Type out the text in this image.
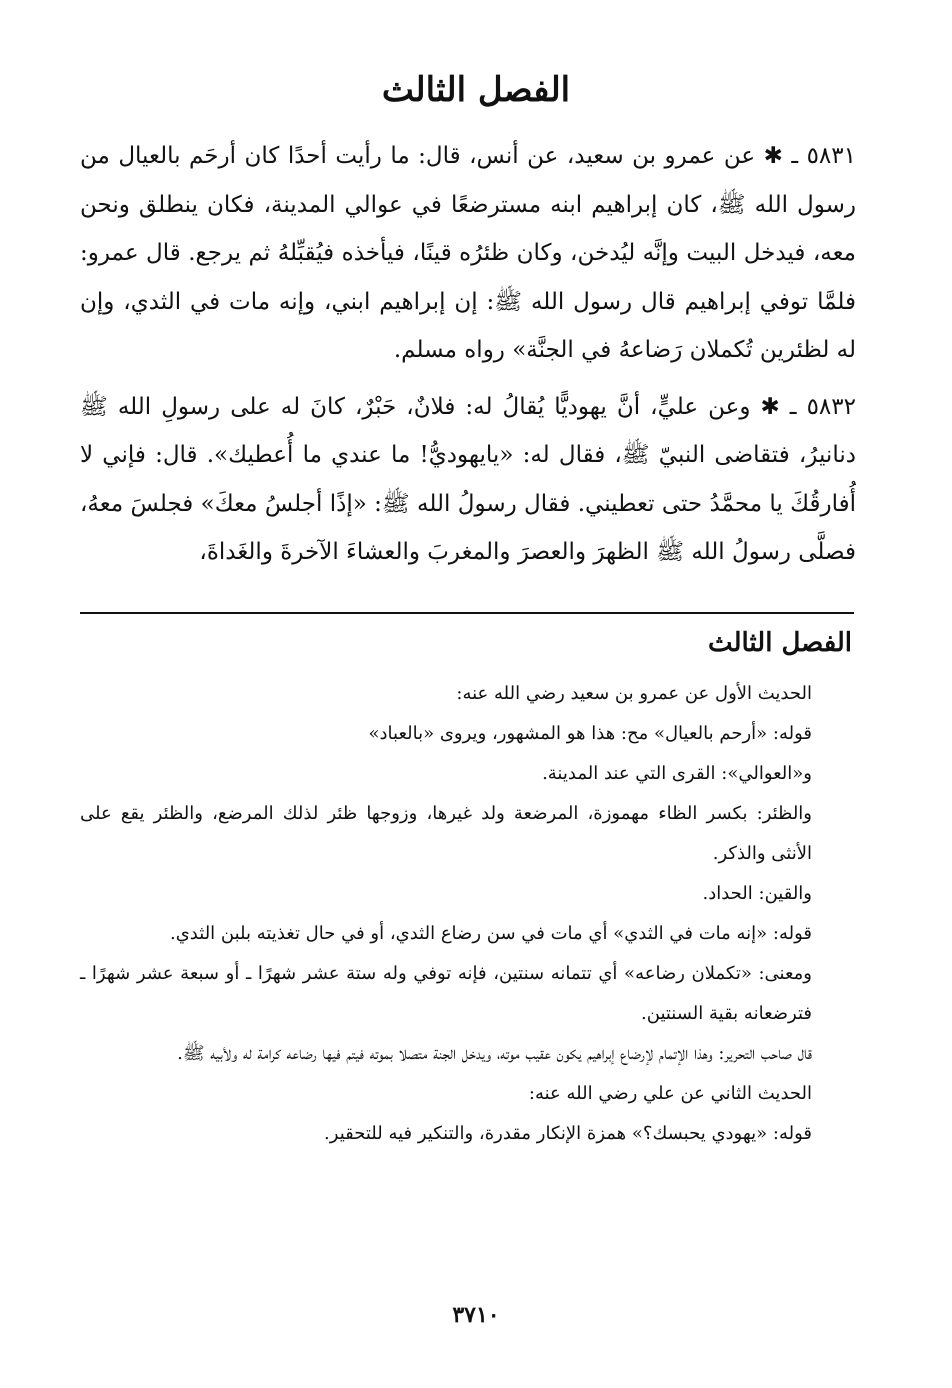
الفصل الثالث

٥٨٣١ ـ ✱ عن عمرو بن سعيد، عن أنس، قال: ما رأيت أحدًا كان أرحَم بالعيال من رسول الله ﷺ، كان إبراهيم ابنه مسترضعًا في عوالي المدينة، فكان ينطلق ونحن معه، فيدخل البيت وإنَّه ليُدخن، وكان ظئرُه قينًا، فيأخذه فيُقبِّلهُ ثم يرجع. قال عمرو: فلمَّا توفي إبراهيم قال رسول الله ﷺ: إن إبراهيم ابني، وإنه مات في الثدي، وإن له لظئرين تُكملان رَضاعهُ في الجنَّة» رواه مسلم.

٥٨٣٢ ـ ✱ وعن عليٍّ، أنَّ يهوديًّا يُقالُ له: فلانٌ، حَبْرٌ، كانَ له على رسولِ الله ﷺ دنانيرُ، فتقاضى النبيّ ﷺ، فقال له: «يايهوديُّ! ما عندي ما أُعطيك». قال: فإني لا أُفارقُكَ يا محمَّدُ حتى تعطيني. فقال رسولُ الله ﷺ: «إذًا أجلسُ معكَ» فجلسَ معهُ، فصلَّى رسولُ الله ﷺ الظهرَ والعصرَ والمغربَ والعشاءَ الآخرةَ والغَداةَ،

الفصل الثالث

الحديث الأول عن عمرو بن سعيد رضي الله عنه:

قوله: «أرحم بالعيال» مح: هذا هو المشهور، ويروى «بالعباد»

و«العوالي»: القرى التي عند المدينة.

والظئر: بكسر الظاء مهموزة، المرضعة ولد غيرها، وزوجها ظئر لذلك المرضع، والظئر يقع على الأنثى والذكر.

والقين: الحداد.

قوله: «إنه مات في الثدي» أي مات في سن رضاع الثدي، أو في حال تغذيته بلبن الثدي.

ومعنى: «تكملان رضاعه» أي تتمانه سنتين، فإنه توفي وله ستة عشر شهرًا ـ أو سبعة عشر شهرًا ـ فترضعانه بقية السنتين.

قال صاحب التحرير: وهذا الإتمام لإرضاع إبراهيم يكون عقيب موته، ويدخل الجنة متصلا بموته فيتم فيها رضاعه كرامة له ولأبيه ﷺ.

الحديث الثاني عن علي رضي الله عنه:

قوله: «يهودي يحبسك؟» همزة الإنكار مقدرة، والتنكير فيه للتحقير.

٣٧١٠
